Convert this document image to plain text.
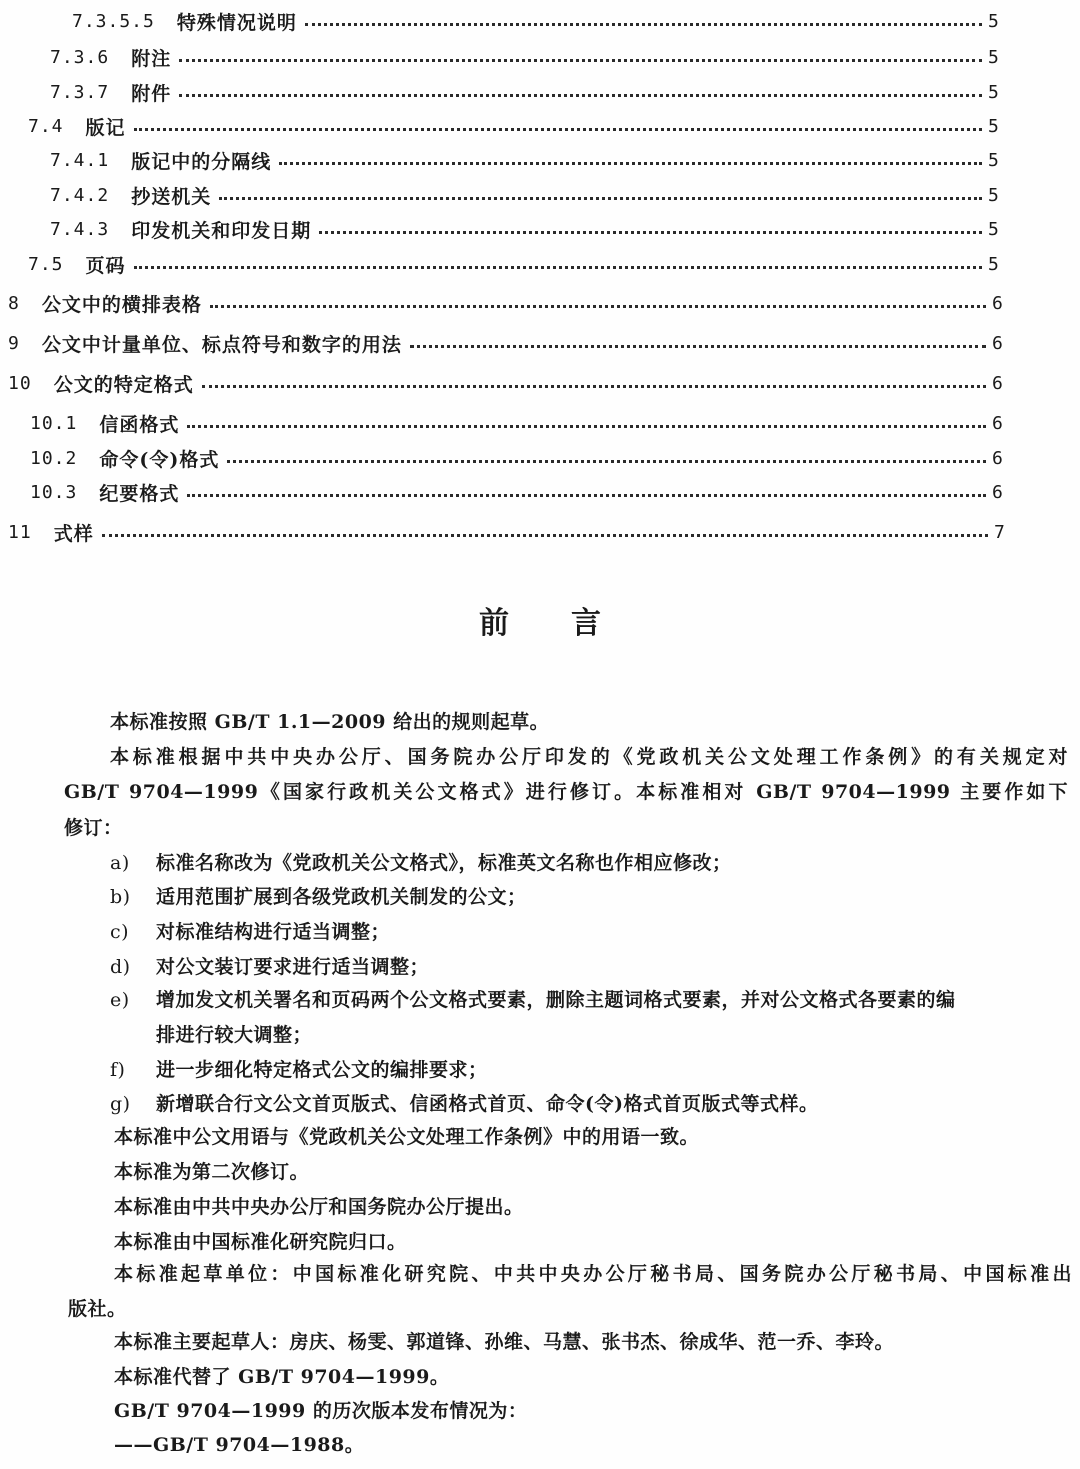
7.3.5.5 特殊情况说明	5
7.3.6 附注	5
7.3.7 附件	5
7.4 版记	5
7.4.1 版记中的分隔线	5
7.4.2 抄送机关	5
7.4.3 印发机关和印发日期	5
7.5 页码	5
8 公文中的横排表格	6
9 公文中计量单位、标点符号和数字的用法	6
10 公文的特定格式	6
10.1 信函格式	6
10.2 命令(令)格式	6
10.3 纪要格式	6
11 式样	7
前言
本标准按照 GB/T 1.1—2009 给出的规则起草。
本标准根据中共中央办公厅、国务院办公厅印发的《党政机关公文处理工作条例》的有关规定对
GB/T 9704—1999《国家行政机关公文格式》进行修订。本标准相对 GB/T 9704—1999 主要作如下
修订：
a) 标准名称改为《党政机关公文格式》，标准英文名称也作相应修改；
b) 适用范围扩展到各级党政机关制发的公文；
c) 对标准结构进行适当调整；
d) 对公文装订要求进行适当调整；
e) 增加发文机关署名和页码两个公文格式要素，删除主题词格式要素，并对公文格式各要素的编
排进行较大调整；
f) 进一步细化特定格式公文的编排要求；
g) 新增联合行文公文首页版式、信函格式首页、命令(令)格式首页版式等式样。
本标准中公文用语与《党政机关公文处理工作条例》中的用语一致。
本标准为第二次修订。
本标准由中共中央办公厅和国务院办公厅提出。
本标准由中国标准化研究院归口。
本标准起草单位：中国标准化研究院、中共中央办公厅秘书局、国务院办公厅秘书局、中国标准出
版社。
本标准主要起草人：房庆、杨雯、郭道锋、孙维、马慧、张书杰、徐成华、范一乔、李玲。
本标准代替了 GB/T 9704—1999。
GB/T 9704—1999 的历次版本发布情况为：
——GB/T 9704—1988。
